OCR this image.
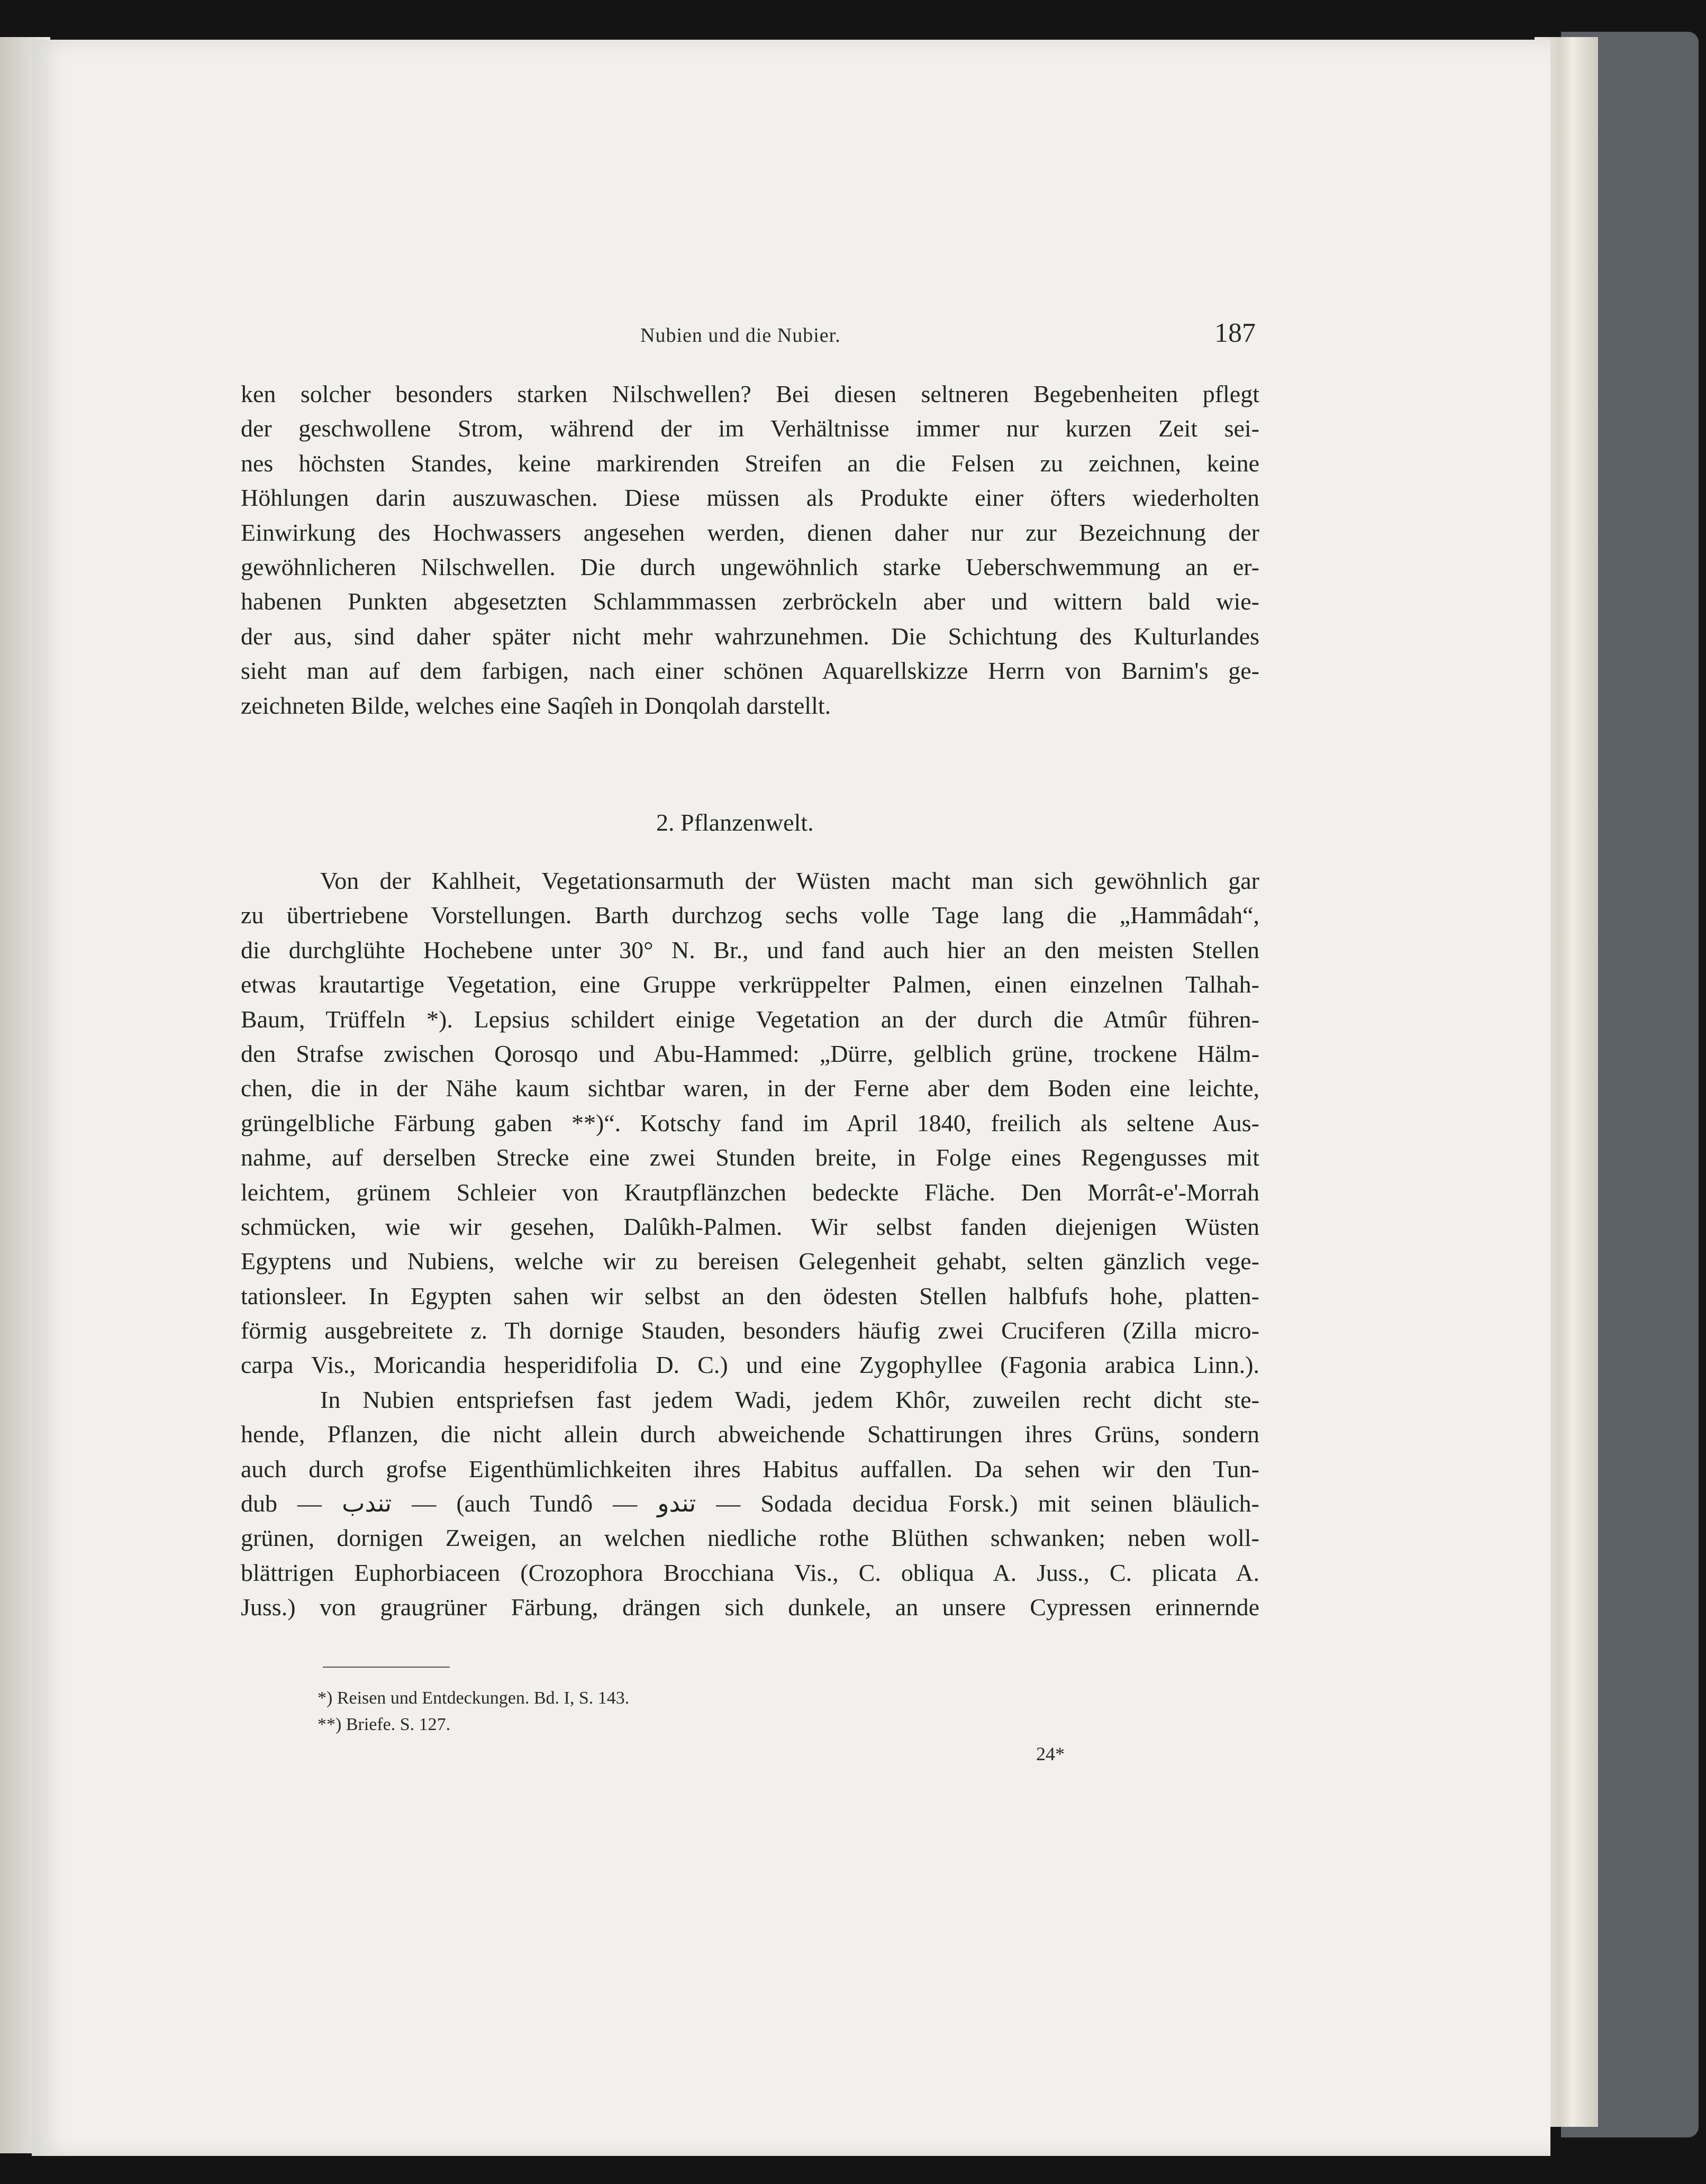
Nubien und die Nubier.	187
ken solcher besonders starken Nilschwellen? Bei diesen seltneren Begebenheiten pflegt
der geschwollene Strom, während der im Verhältnisse immer nur kurzen Zeit sei-
nes höchsten Standes, keine markirenden Streifen an die Felsen zu zeichnen, keine
Höhlungen darin auszuwaschen. Diese müssen als Produkte einer öfters wiederholten
Einwirkung des Hochwassers angesehen werden, dienen daher nur zur Bezeichnung der
gewöhnlicheren Nilschwellen. Die durch ungewöhnlich starke Ueberschwemmung an er-
habenen Punkten abgesetzten Schlammmassen zerbröckeln aber und wittern bald wie-
der aus, sind daher später nicht mehr wahrzunehmen. Die Schichtung des Kulturlandes
sieht man auf dem farbigen, nach einer schönen Aquarellskizze Herrn von Barnim's ge-
zeichneten Bilde, welches eine Saqîeh in Donqolah darstellt.
2. Pflanzenwelt.
Von der Kahlheit, Vegetationsarmuth der Wüsten macht man sich gewöhnlich gar
zu übertriebene Vorstellungen. Barth durchzog sechs volle Tage lang die „Hammâdah“,
die durchglühte Hochebene unter 30° N. Br., und fand auch hier an den meisten Stellen
etwas krautartige Vegetation, eine Gruppe verkrüppelter Palmen, einen einzelnen Talhah-
Baum, Trüffeln *). Lepsius schildert einige Vegetation an der durch die Atmûr führen-
den Strafse zwischen Qorosqo und Abu-Hammed: „Dürre, gelblich grüne, trockene Hälm-
chen, die in der Nähe kaum sichtbar waren, in der Ferne aber dem Boden eine leichte,
grüngelbliche Färbung gaben **)“. Kotschy fand im April 1840, freilich als seltene Aus-
nahme, auf derselben Strecke eine zwei Stunden breite, in Folge eines Regengusses mit
leichtem, grünem Schleier von Krautpflänzchen bedeckte Fläche. Den Morrât-e'-Morrah
schmücken, wie wir gesehen, Dalûkh-Palmen. Wir selbst fanden diejenigen Wüsten
Egyptens und Nubiens, welche wir zu bereisen Gelegenheit gehabt, selten gänzlich vege-
tationsleer. In Egypten sahen wir selbst an den ödesten Stellen halbfufs hohe, platten-
förmig ausgebreitete z. Th dornige Stauden, besonders häufig zwei Cruciferen (Zilla micro-
carpa Vis., Moricandia hesperidifolia D. C.) und eine Zygophyllee (Fagonia arabica Linn.).
In Nubien entspriefsen fast jedem Wadi, jedem Khôr, zuweilen recht dicht ste-
hende, Pflanzen, die nicht allein durch abweichende Schattirungen ihres Grüns, sondern
auch durch grofse Eigenthümlichkeiten ihres Habitus auffallen. Da sehen wir den Tun-
dub — تندب — (auch Tundô — تندو — Sodada decidua Forsk.) mit seinen bläulich-
grünen, dornigen Zweigen, an welchen niedliche rothe Blüthen schwanken; neben woll-
blättrigen Euphorbiaceen (Crozophora Brocchiana Vis., C. obliqua A. Juss., C. plicata A.
Juss.) von graugrüner Färbung, drängen sich dunkele, an unsere Cypressen erinnernde
*) Reisen und Entdeckungen. Bd. I, S. 143.
**) Briefe. S. 127.
24*
